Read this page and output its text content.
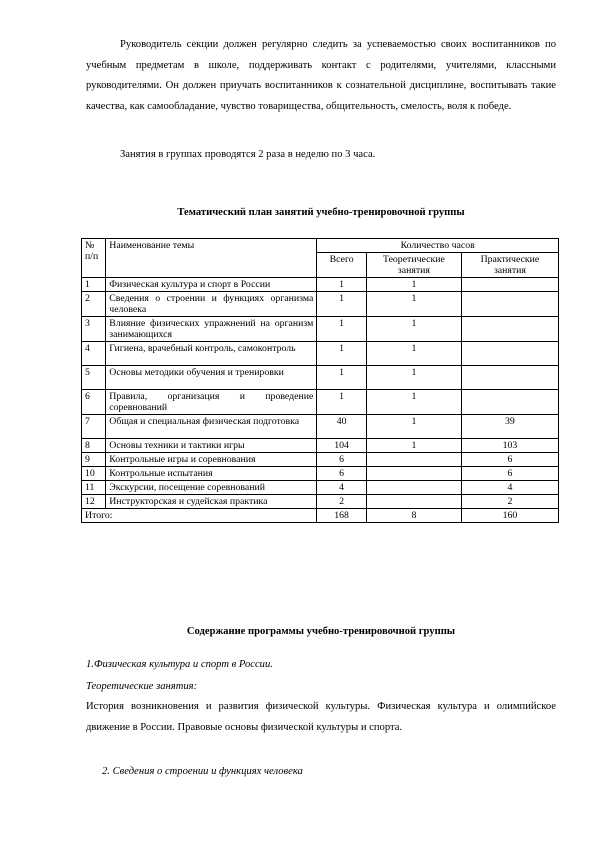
Руководитель секции должен регулярно следить за успеваемостью своих воспитанников по учебным предметам в школе, поддерживать контакт с родителями, учителями, классными руководителями. Он должен приучать воспитанников к сознательной дисциплине, воспитывать такие качества, как самообладание, чувство товарищества, общительность, смелость, воля к победе.

Занятия в группах проводятся 2 раза в неделю по 3 часа.

Тематический план занятий учебно-тренировочной группы

№ п/п	Наименование темы	Количество часов		
		Всего	Теоретические занятия	Практические занятия
1	Физическая культура и спорт в России	1	1	
2	Сведения о строении и функциях организма человека	1	1	
3	Влияние физических упражнений на организм занимающихся	1	1	
4	Гигиена, врачебный контроль, самоконтроль	1	1	
5	Основы методики обучения и тренировки	1	1	
6	Правила, организация и проведение соревнований	1	1	
7	Общая и специальная физическая подготовка	40	1	39
8	Основы техники и тактики игры	104	1	103
9	Контрольные игры и соревнования	6		6
10	Контрольные испытания	6		6
11	Экскурсии, посещение соревнований	4		4
12	Инструкторская и судейская практика	2		2
Итого:		168	8	160

Содержание программы учебно-тренировочной группы

1.Физическая культура и спорт в России.

Теоретические занятия:

История возникновения и развития физической культуры. Физическая культура и олимпийское движение в России. Правовые основы физической культуры и спорта.

2. Сведения о строении и функциях человека
